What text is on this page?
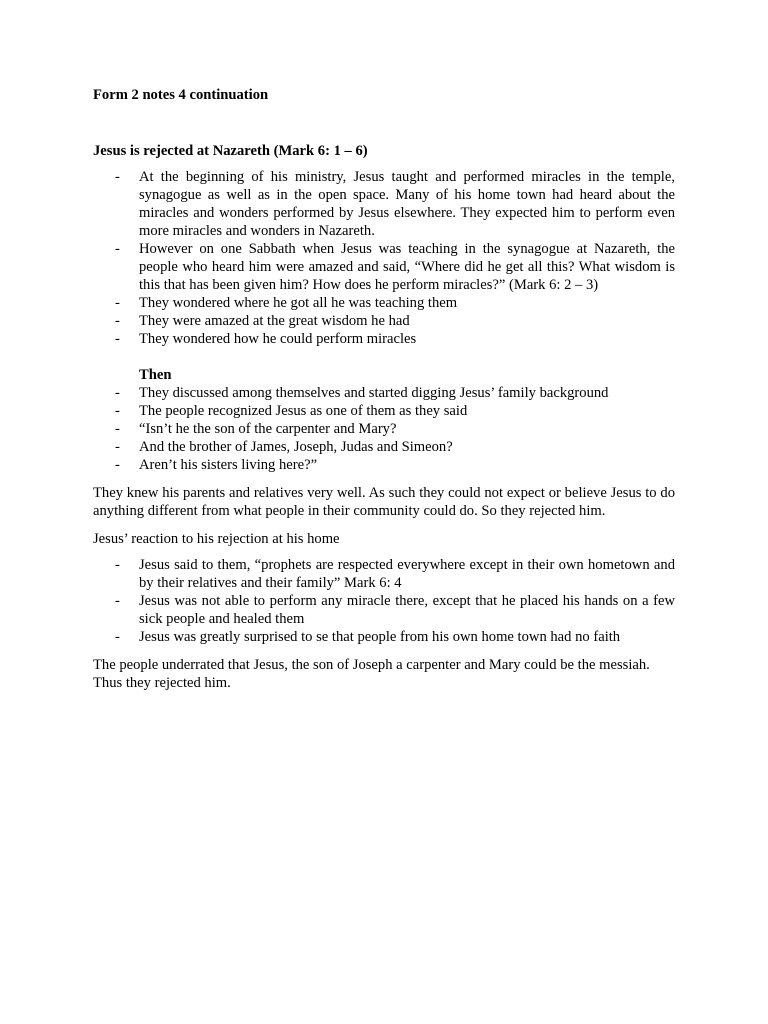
Form 2 notes 4 continuation

Jesus is rejected at Nazareth (Mark 6: 1 – 6)

- At the beginning of his ministry, Jesus taught and performed miracles in the temple, synagogue as well as in the open space. Many of his home town had heard about the miracles and wonders performed by Jesus elsewhere. They expected him to perform even more miracles and wonders in Nazareth.
- However on one Sabbath when Jesus was teaching in the synagogue at Nazareth, the people who heard him were amazed and said, “Where did he get all this? What wisdom is this that has been given him? How does he perform miracles?” (Mark 6: 2 – 3)
- They wondered where he got all he was teaching them
- They were amazed at the great wisdom he had
- They wondered how he could perform miracles
Then
- They discussed among themselves and started digging Jesus’ family background
- The people recognized Jesus as one of them as they said
- “Isn’t he the son of the carpenter and Mary?
- And the brother of James, Joseph, Judas and Simeon?
- Aren’t his sisters living here?”

They knew his parents and relatives very well. As such they could not expect or believe Jesus to do anything different from what people in their community could do. So they rejected him.

Jesus’ reaction to his rejection at his home

- Jesus said to them, “prophets are respected everywhere except in their own hometown and by their relatives and their family” Mark 6: 4
- Jesus was not able to perform any miracle there, except that he placed his hands on a few sick people and healed them
- Jesus was greatly surprised to se that people from his own home town had no faith

The people underrated that Jesus, the son of Joseph a carpenter and Mary could be the messiah. Thus they rejected him.
